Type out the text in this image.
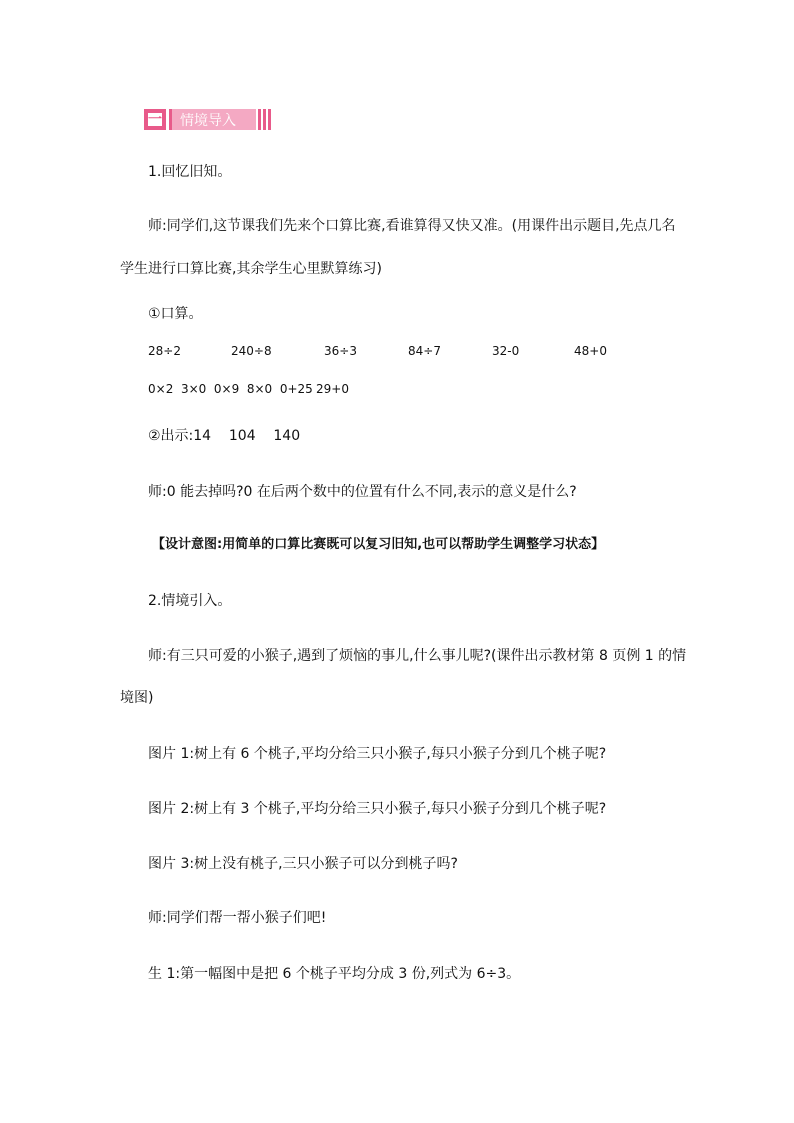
一	情境导入
1.回忆旧知。
师:同学们,这节课我们先来个口算比赛,看谁算得又快又准。(用课件出示题目,先点几名
学生进行口算比赛,其余学生心里默算练习)
①口算。
28÷2	240÷8	36÷3	84÷7	32-0	48+0
0×2  3×0  0×9  8×0  0+25 29+0
②出示:14    104    140
师:0 能去掉吗?0 在后两个数中的位置有什么不同,表示的意义是什么?
【设计意图:用简单的口算比赛既可以复习旧知,也可以帮助学生调整学习状态】
2.情境引入。
师:有三只可爱的小猴子,遇到了烦恼的事儿,什么事儿呢?(课件出示教材第 8 页例 1 的情
境图)
图片 1:树上有 6 个桃子,平均分给三只小猴子,每只小猴子分到几个桃子呢?
图片 2:树上有 3 个桃子,平均分给三只小猴子,每只小猴子分到几个桃子呢?
图片 3:树上没有桃子,三只小猴子可以分到桃子吗?
师:同学们帮一帮小猴子们吧!
生 1:第一幅图中是把 6 个桃子平均分成 3 份,列式为 6÷3。
